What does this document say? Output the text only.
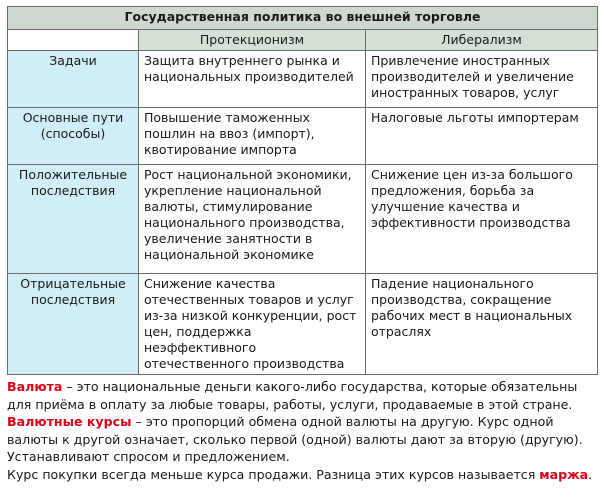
Государственная политика во внешней торговле		
	Протекционизм	Либерализм
Задачи	Защита внутреннего рынка и национальных производителей	Привлечение иностранных производителей и увеличение иностранных товаров, услуг
Основные пути (способы)	Повышение таможенных пошлин на ввоз (импорт), квотирование импорта	Налоговые льготы импортерам
Положительные последствия	Рост национальной экономики, укрепление национальной валюты, стимулирование национального производства, увеличение занятности в национальной экономике	Снижение цен из-за большого предложения, борьба за улучшение качества и эффективности производства
Отрицательные последствия	Снижение качества отечественных товаров и услуг из-за низкой конкуренции, рост цен, поддержка неэффективного отечественного производства	Падение национального производства, сокращение рабочих мест в национальных отраслях

Валюта – это национальные деньги какого-либо государства, которые обязательны для приёма в оплату за любые товары, работы, услуги, продаваемые в этой стране.

Валютные курсы – это пропорций обмена одной валюты на другую. Курс одной валюты к другой означает, сколько первой (одной) валюты дают за вторую (другую). Устанавливают спросом и предложением.

Курс покупки всегда меньше курса продажи. Разница этих курсов называется маржа.
